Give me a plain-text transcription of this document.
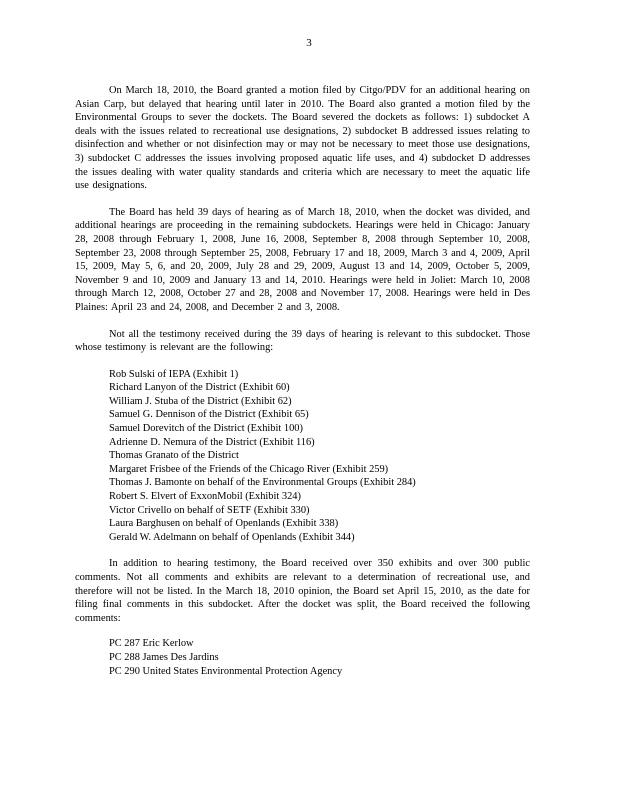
3

On March 18, 2010, the Board granted a motion filed by Citgo/PDV for an additional hearing on Asian Carp, but delayed that hearing until later in 2010. The Board also granted a motion filed by the Environmental Groups to sever the dockets. The Board severed the dockets as follows: 1) subdocket A deals with the issues related to recreational use designations, 2) subdocket B addressed issues relating to disinfection and whether or not disinfection may or may not be necessary to meet those use designations, 3) subdocket C addresses the issues involving proposed aquatic life uses, and 4) subdocket D addresses the issues dealing with water quality standards and criteria which are necessary to meet the aquatic life use designations.

The Board has held 39 days of hearing as of March 18, 2010, when the docket was divided, and additional hearings are proceeding in the remaining subdockets. Hearings were held in Chicago: January 28, 2008 through February 1, 2008, June 16, 2008, September 8, 2008 through September 10, 2008, September 23, 2008 through September 25, 2008, February 17 and 18, 2009, March 3 and 4, 2009, April 15, 2009, May 5, 6, and 20, 2009, July 28 and 29, 2009, August 13 and 14, 2009, October 5, 2009, November 9 and 10, 2009 and January 13 and 14, 2010. Hearings were held in Joliet: March 10, 2008 through March 12, 2008, October 27 and 28, 2008 and November 17, 2008. Hearings were held in Des Plaines: April 23 and 24, 2008, and December 2 and 3, 2008.

Not all the testimony received during the 39 days of hearing is relevant to this subdocket. Those whose testimony is relevant are the following:

Rob Sulski of IEPA (Exhibit 1)
Richard Lanyon of the District (Exhibit 60)
William J. Stuba of the District (Exhibit 62)
Samuel G. Dennison of the District (Exhibit 65)
Samuel Dorevitch of the District (Exhibit 100)
Adrienne D. Nemura of the District (Exhibit 116)
Thomas Granato of the District
Margaret Frisbee of the Friends of the Chicago River (Exhibit 259)
Thomas J. Bamonte on behalf of the Environmental Groups (Exhibit 284)
Robert S. Elvert of ExxonMobil (Exhibit 324)
Victor Crivello on behalf of SETF (Exhibit 330)
Laura Barghusen on behalf of Openlands (Exhibit 338)
Gerald W. Adelmann on behalf of Openlands (Exhibit 344)

In addition to hearing testimony, the Board received over 350 exhibits and over 300 public comments. Not all comments and exhibits are relevant to a determination of recreational use, and therefore will not be listed. In the March 18, 2010 opinion, the Board set April 15, 2010, as the date for filing final comments in this subdocket. After the docket was split, the Board received the following comments:

PC 287 Eric Kerlow
PC 288 James Des Jardins
PC 290 United States Environmental Protection Agency
